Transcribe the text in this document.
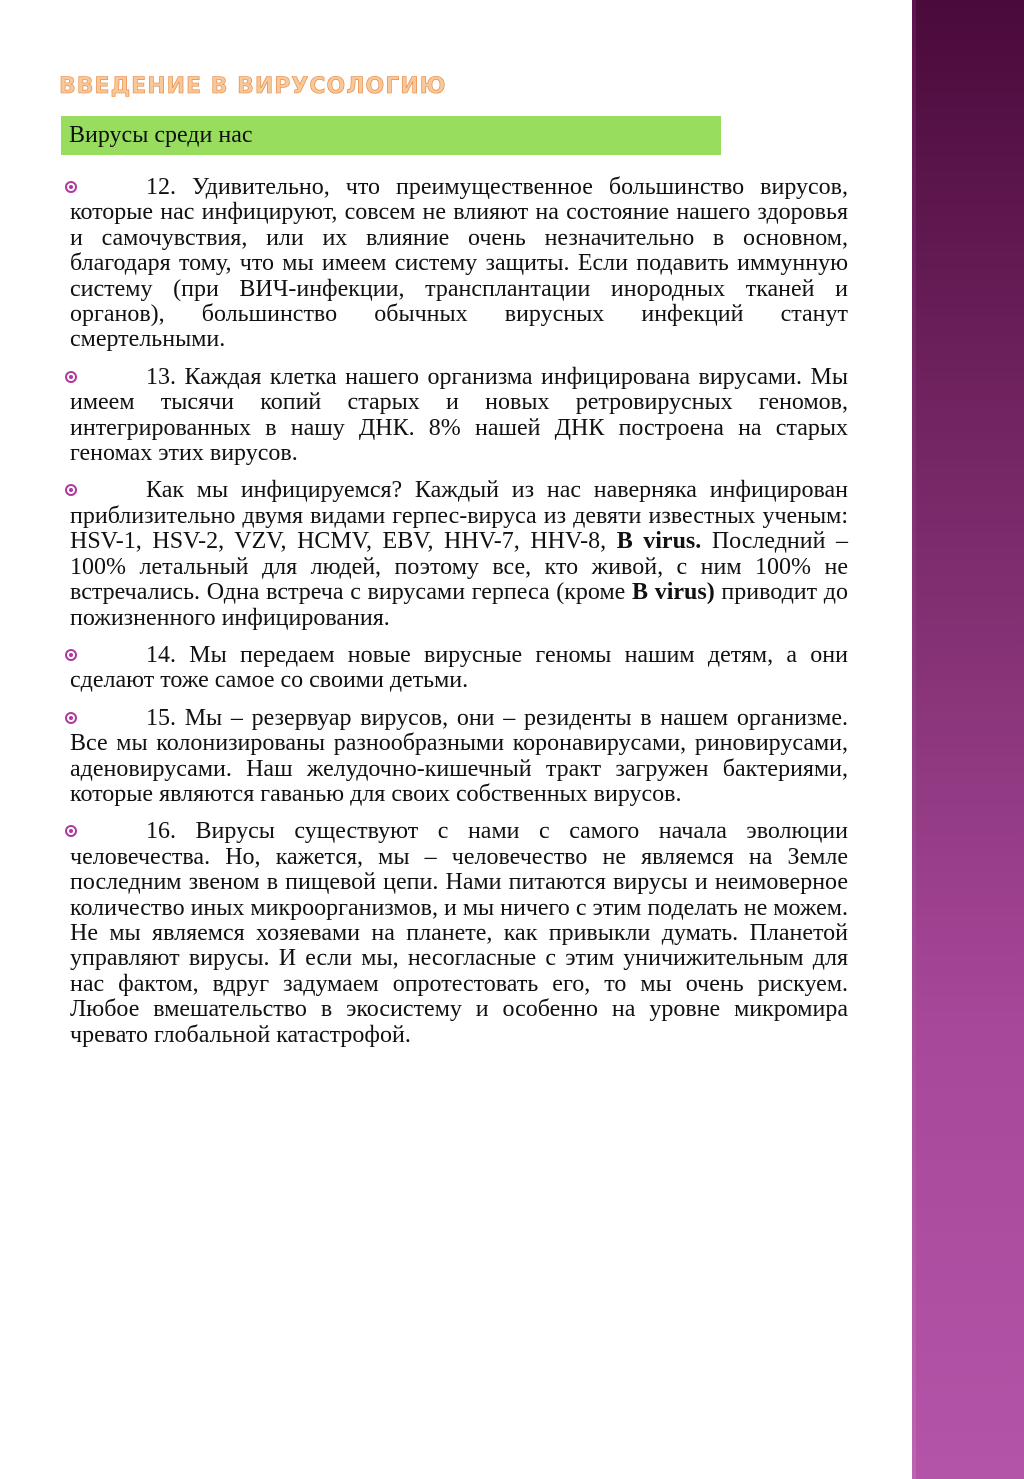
ВВЕДЕНИЕ В ВИРУСОЛОГИЮ
Вирусы среди нас

12. Удивительно, что преимущественное большинство вирусов, которые нас инфицируют, совсем не влияют на состояние нашего здоровья и самочувствия, или их влияние очень незначительно в основном, благодаря тому, что мы имеем систему защиты. Если подавить иммунную систему (при ВИЧ-инфекции, трансплантации инородных тканей и органов), большинство обычных вирусных инфекций станут смертельными.

13. Каждая клетка нашего организма инфицирована вирусами. Мы имеем тысячи копий старых и новых ретровирусных геномов, интегрированных в нашу ДНК. 8% нашей ДНК построена на старых геномах этих вирусов.

Как мы инфицируемся? Каждый из нас наверняка инфицирован приблизительно двумя видами герпес-вируса из девяти известных ученым: HSV-1, HSV-2, VZV, HCMV, EBV, HHV-7, HHV-8, B virus. Последний – 100% летальный для людей, поэтому все, кто живой, с ним 100% не встречались. Одна встреча с вирусами герпеса (кроме B virus) приводит до пожизненного инфицирования.

14. Мы передаем новые вирусные геномы нашим детям, а они сделают тоже самое со своими детьми.

15. Мы – резервуар вирусов, они – резиденты в нашем организме. Все мы колонизированы разнообразными коронавирусами, риновирусами, аденовирусами. Наш желудочно-кишечный тракт загружен бактериями, которые являются гаванью для своих собственных вирусов.

16. Вирусы существуют с нами с самого начала эволюции человечества. Но, кажется, мы – человечество не являемся на Земле последним звеном в пищевой цепи. Нами питаются вирусы и неимоверное количество иных микроорганизмов, и мы ничего с этим поделать не можем. Не мы являемся хозяевами на планете, как привыкли думать. Планетой управляют вирусы. И если мы, несогласные с этим уничижительным для нас фактом, вдруг задумаем опротестовать его, то мы очень рискуем. Любое вмешательство в экосистему и особенно на уровне микромира чревато глобальной катастрофой.
